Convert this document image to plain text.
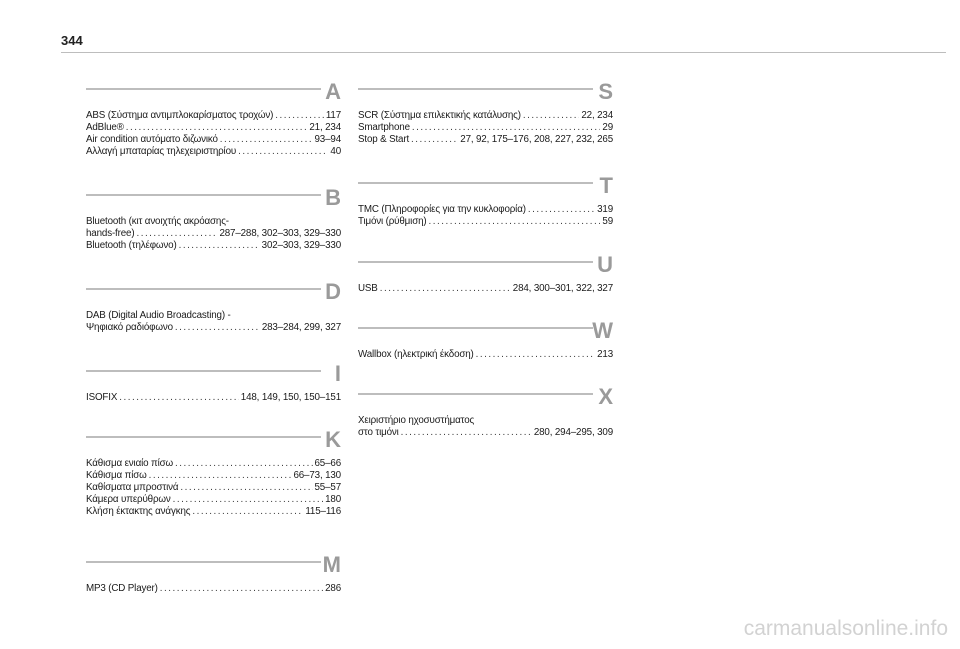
344
A
ABS (Σύστημα αντιμπλοκαρίσματος τροχών) . . .	117
AdBlue® . . .	21, 234
Air condition αυτόματο διζωνικό . . .	93–94
Αλλαγή μπαταρίας τηλεχειριστηρίου . . .	40
B
Bluetooth (κιτ ανοιχτής ακρόασης-
hands-free) . . .	287–288, 302–303, 329–330
Bluetooth (τηλέφωνο) . . .	302–303, 329–330
D
DAB (Digital Audio Broadcasting) -
Ψηφιακό ραδιόφωνο . . .	283–284, 299, 327
I
ISOFIX . . .	148, 149, 150, 150–151
K
Κάθισμα ενιαίο πίσω . . .	65–66
Κάθισμα πίσω . . .	66–73, 130
Καθίσματα μπροστινά . . .	55–57
Κάμερα υπερύθρων . . .	180
Κλήση έκτακτης ανάγκης . . .	115–116
M
MP3 (CD Player) . . .	286
S
SCR (Σύστημα επιλεκτικής κατάλυσης) . . .	22, 234
Smartphone . . .	29
Stop & Start . . .	27, 92, 175–176, 208, 227, 232, 265
T
TMC (Πληροφορίες για την κυκλοφορία) . . .	319
Τιμόνι (ρύθμιση) . . .	59
U
USB . . .	284, 300–301, 322, 327
W
Wallbox (ηλεκτρική έκδοση) . . .	213
X
Χειριστήριο ηχοσυστήματος
στο τιμόνι . . .	280, 294–295, 309
carmanualsonline.info
